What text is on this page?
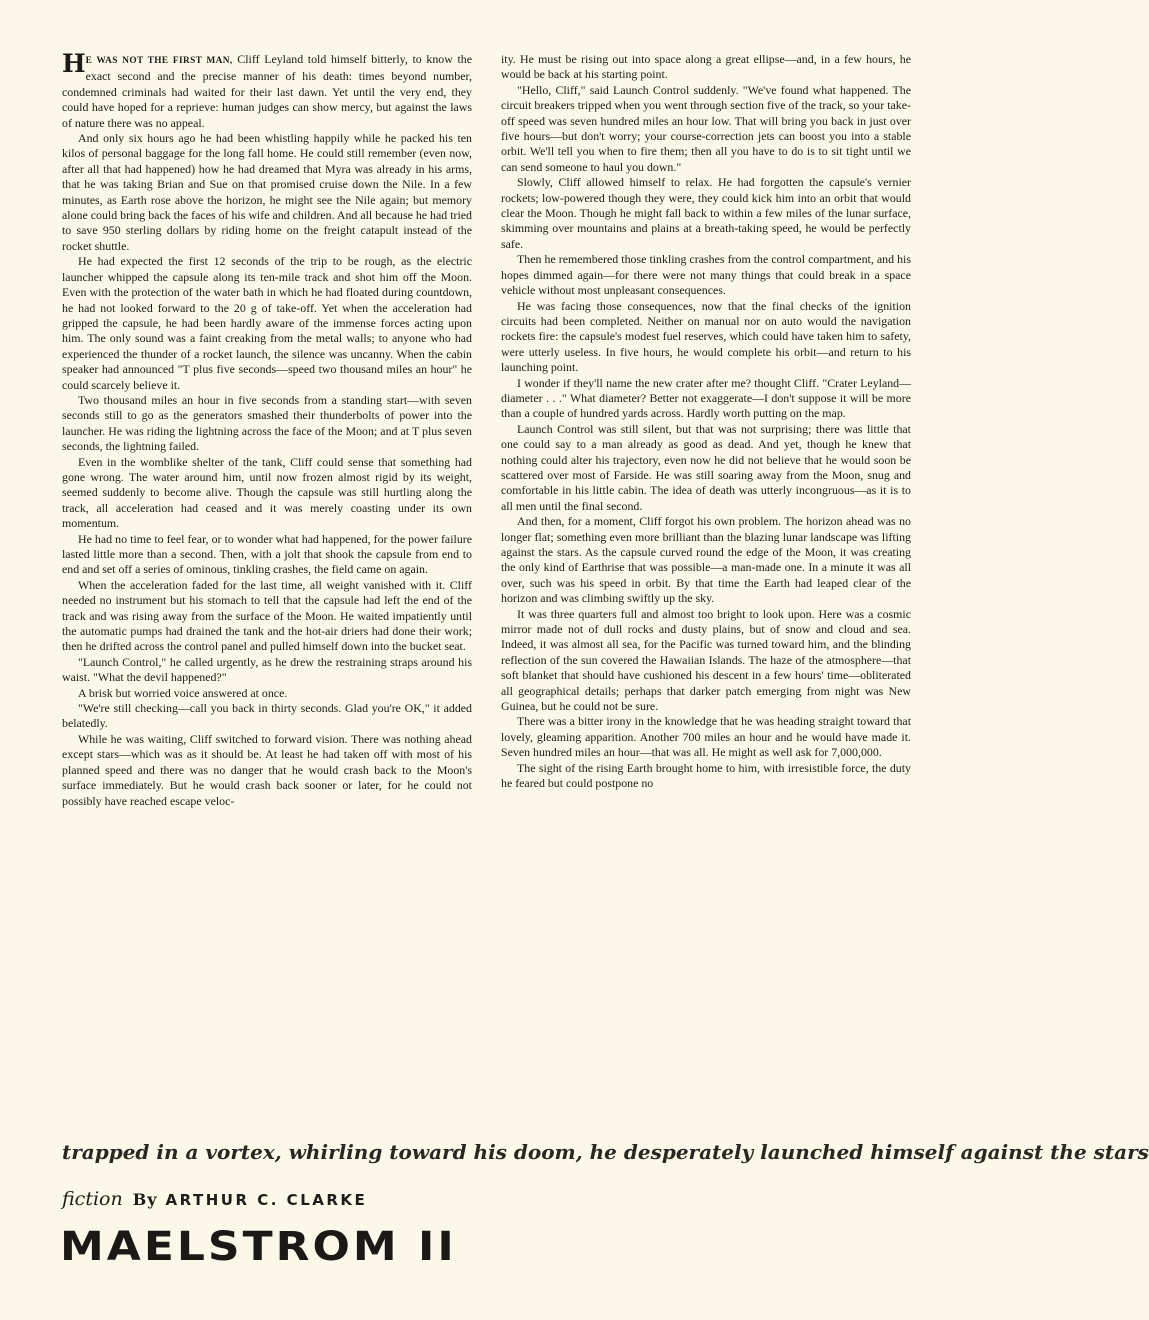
HE WAS NOT THE FIRST MAN, Cliff Leyland told himself bitterly, to know the exact second and the precise manner of his death: times beyond number, condemned criminals had waited for their last dawn. Yet until the very end, they could have hoped for a reprieve: human judges can show mercy, but against the laws of nature there was no appeal.

And only six hours ago he had been whistling happily while he packed his ten kilos of personal baggage for the long fall home. He could still remember (even now, after all that had happened) how he had dreamed that Myra was already in his arms, that he was taking Brian and Sue on that promised cruise down the Nile. In a few minutes, as Earth rose above the horizon, he might see the Nile again; but memory alone could bring back the faces of his wife and children. And all because he had tried to save 950 sterling dollars by riding home on the freight catapult instead of the rocket shuttle.

He had expected the first 12 seconds of the trip to be rough, as the electric launcher whipped the capsule along its ten-mile track and shot him off the Moon. Even with the protection of the water bath in which he had floated during countdown, he had not looked forward to the 20 g of take-off. Yet when the acceleration had gripped the capsule, he had been hardly aware of the immense forces acting upon him. The only sound was a faint creaking from the metal walls; to anyone who had experienced the thunder of a rocket launch, the silence was uncanny. When the cabin speaker had announced "T plus five seconds—speed two thousand miles an hour" he could scarcely believe it.

Two thousand miles an hour in five seconds from a standing start—with seven seconds still to go as the generators smashed their thunderbolts of power into the launcher. He was riding the lightning across the face of the Moon; and at T plus seven seconds, the lightning failed.

Even in the womblike shelter of the tank, Cliff could sense that something had gone wrong. The water around him, until now frozen almost rigid by its weight, seemed suddenly to become alive. Though the capsule was still hurtling along the track, all acceleration had ceased and it was merely coasting under its own momentum.

He had no time to feel fear, or to wonder what had happened, for the power failure lasted little more than a second. Then, with a jolt that shook the capsule from end to end and set off a series of ominous, tinkling crashes, the field came on again.

When the acceleration faded for the last time, all weight vanished with it. Cliff needed no instrument but his stomach to tell that the capsule had left the end of the track and was rising away from the surface of the Moon. He waited impatiently until the automatic pumps had drained the tank and the hot-air driers had done their work; then he drifted across the control panel and pulled himself down into the bucket seat.

"Launch Control," he called urgently, as he drew the restraining straps around his waist. "What the devil happened?"

A brisk but worried voice answered at once.

"We're still checking—call you back in thirty seconds. Glad you're OK," it added belatedly.

While he was waiting, Cliff switched to forward vision. There was nothing ahead except stars—which was as it should be. At least he had taken off with most of his planned speed and there was no danger that he would crash back to the Moon's surface immediately. But he would crash back sooner or later, for he could not possibly have reached escape veloc-

ity. He must be rising out into space along a great ellipse—and, in a few hours, he would be back at his starting point.

"Hello, Cliff," said Launch Control suddenly. "We've found what happened. The circuit breakers tripped when you went through section five of the track, so your take-off speed was seven hundred miles an hour low. That will bring you back in just over five hours—but don't worry; your course-correction jets can boost you into a stable orbit. We'll tell you when to fire them; then all you have to do is to sit tight until we can send someone to haul you down."

Slowly, Cliff allowed himself to relax. He had forgotten the capsule's vernier rockets; low-powered though they were, they could kick him into an orbit that would clear the Moon. Though he might fall back to within a few miles of the lunar surface, skimming over mountains and plains at a breath-taking speed, he would be perfectly safe.

Then he remembered those tinkling crashes from the control compartment, and his hopes dimmed again—for there were not many things that could break in a space vehicle without most unpleasant consequences.

He was facing those consequences, now that the final checks of the ignition circuits had been completed. Neither on manual nor on auto would the navigation rockets fire: the capsule's modest fuel reserves, which could have taken him to safety, were utterly useless. In five hours, he would complete his orbit—and return to his launching point.

I wonder if they'll name the new crater after me? thought Cliff. "Crater Leyland—diameter . . ." What diameter? Better not exaggerate—I don't suppose it will be more than a couple of hundred yards across. Hardly worth putting on the map.

Launch Control was still silent, but that was not surprising; there was little that one could say to a man already as good as dead. And yet, though he knew that nothing could alter his trajectory, even now he did not believe that he would soon be scattered over most of Farside. He was still soaring away from the Moon, snug and comfortable in his little cabin. The idea of death was utterly incongruous—as it is to all men until the final second.

And then, for a moment, Cliff forgot his own problem. The horizon ahead was no longer flat; something even more brilliant than the blazing lunar landscape was lifting against the stars. As the capsule curved round the edge of the Moon, it was creating the only kind of Earthrise that was possible—a man-made one. In a minute it was all over, such was his speed in orbit. By that time the Earth had leaped clear of the horizon and was climbing swiftly up the sky.

It was three quarters full and almost too bright to look upon. Here was a cosmic mirror made not of dull rocks and dusty plains, but of snow and cloud and sea. Indeed, it was almost all sea, for the Pacific was turned toward him, and the blinding reflection of the sun covered the Hawaiian Islands. The haze of the atmosphere—that soft blanket that should have cushioned his descent in a few hours' time—obliterated all geographical details; perhaps that darker patch emerging from night was New Guinea, but he could not be sure.

There was a bitter irony in the knowledge that he was heading straight toward that lovely, gleaming apparition. Another 700 miles an hour and he would have made it. Seven hundred miles an hour—that was all. He might as well ask for 7,000,000.

The sight of the rising Earth brought home to him, with irresistible force, the duty he feared but could postpone no

trapped in a vortex, whirling toward his doom, he desperately launched himself against the stars
fiction By ARTHUR C. CLARKE
MAELSTROM II
